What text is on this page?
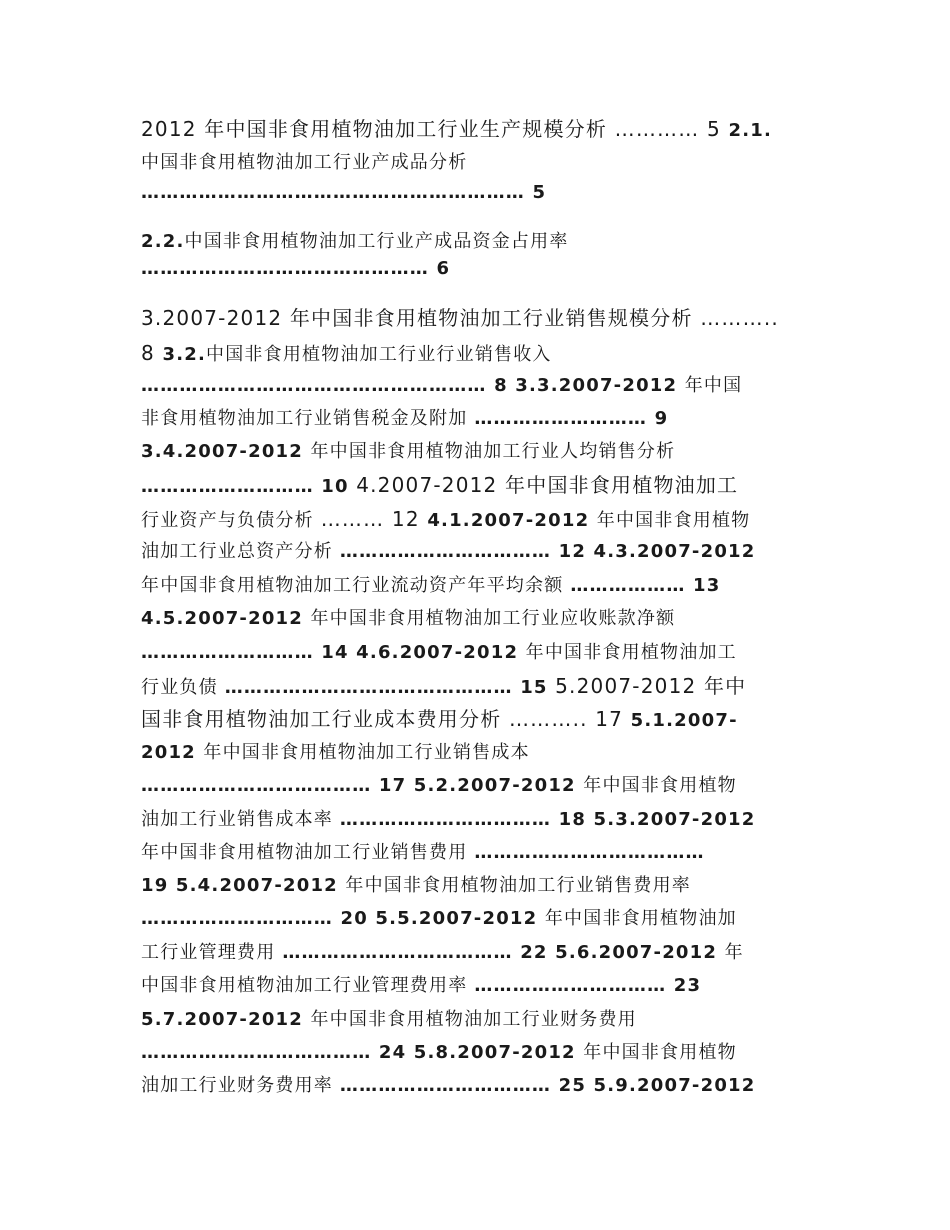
2012 年中国非食用植物油加工行业生产规模分析 ………… 5 2.1.
中国非食用植物油加工行业产成品分析
…………………………………………………… 5
2.2.中国非食用植物油加工行业产成品资金占用率
……………………………………… 6
3.2007-2012 年中国非食用植物油加工行业销售规模分析 ………..
8 3.2.中国非食用植物油加工行业行业销售收入
……………………………………………… 8 3.3.2007-2012 年中国
非食用植物油加工行业销售税金及附加 ……………………… 9
3.4.2007-2012 年中国非食用植物油加工行业人均销售分析
……………………… 10 4.2007-2012 年中国非食用植物油加工
行业资产与负债分析 ……… 12 4.1.2007-2012 年中国非食用植物
油加工行业总资产分析 …………………………… 12 4.3.2007-2012
年中国非食用植物油加工行业流动资产年平均余额 ……………… 13
4.5.2007-2012 年中国非食用植物油加工行业应收账款净额
……………………… 14 4.6.2007-2012 年中国非食用植物油加工
行业负债 ……………………………………… 15 5.2007-2012 年中
国非食用植物油加工行业成本费用分析 ……….. 17 5.1.2007-
2012 年中国非食用植物油加工行业销售成本
……………………………… 17 5.2.2007-2012 年中国非食用植物
油加工行业销售成本率 …………………………… 18 5.3.2007-2012
年中国非食用植物油加工行业销售费用 ………………………………
19 5.4.2007-2012 年中国非食用植物油加工行业销售费用率
………………………… 20 5.5.2007-2012 年中国非食用植物油加
工行业管理费用 ……………………………… 22 5.6.2007-2012 年
中国非食用植物油加工行业管理费用率 ………………………… 23
5.7.2007-2012 年中国非食用植物油加工行业财务费用
……………………………… 24 5.8.2007-2012 年中国非食用植物
油加工行业财务费用率 …………………………… 25 5.9.2007-2012
